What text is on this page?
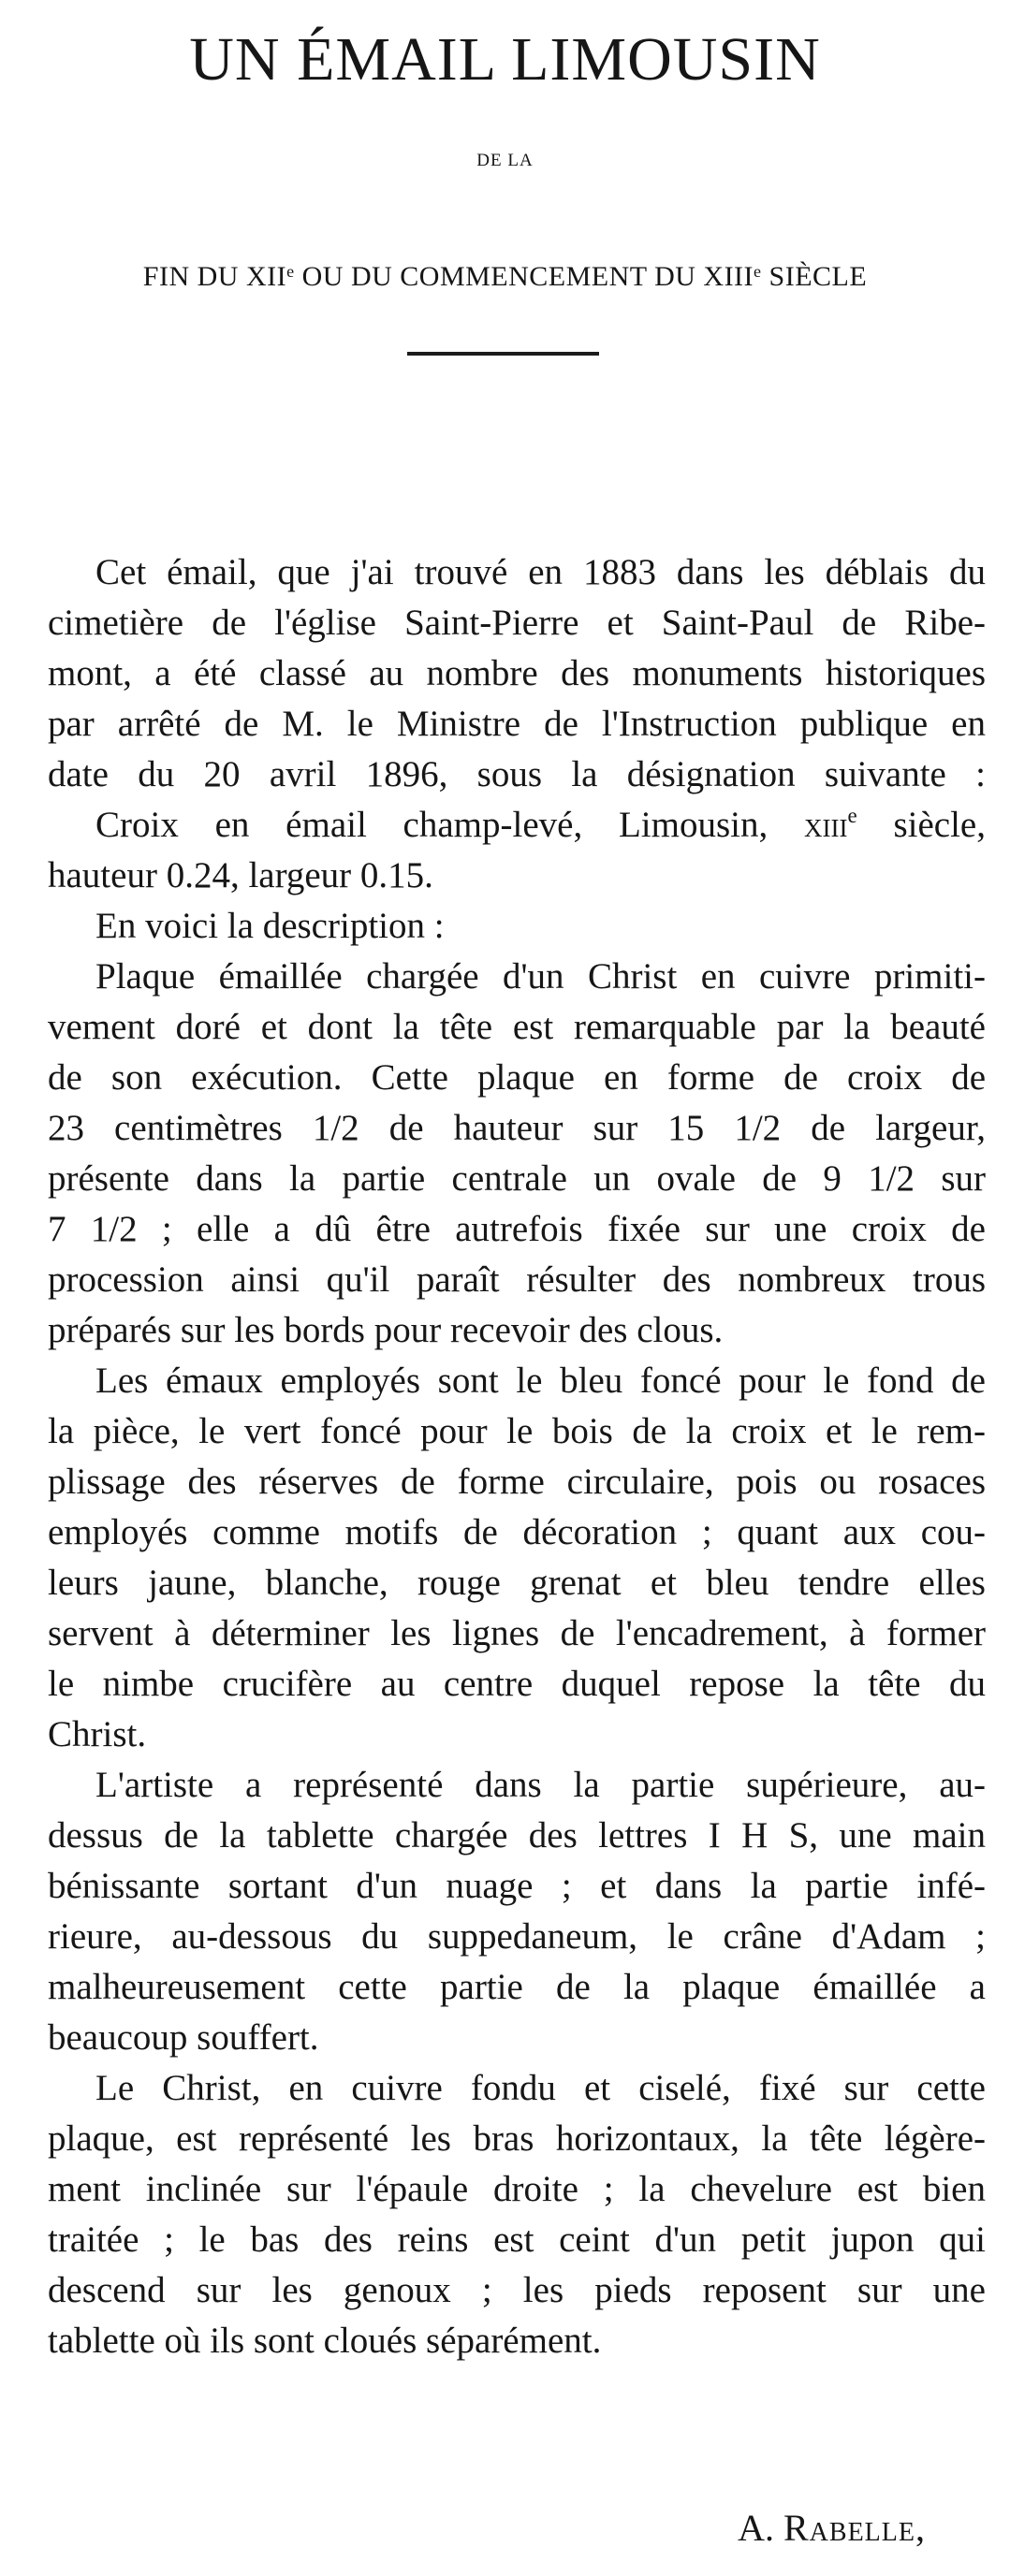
UN ÉMAIL LIMOUSIN
DE LA
FIN DU XIIe OU DU COMMENCEMENT DU XIIIe SIÈCLE
Cet émail, que j'ai trouvé en 1883 dans les déblais du
cimetière de l'église Saint-Pierre et Saint-Paul de Ribe-
mont, a été classé au nombre des monuments historiques
par arrêté de M. le Ministre de l'Instruction publique en
date du 20 avril 1896, sous la désignation suivante :
Croix en émail champ-levé, Limousin, xiii$^e$ siècle,
hauteur 0.24, largeur 0.15.
En voici la description :
Plaque émaillée chargée d'un Christ en cuivre primiti-
vement doré et dont la tête est remarquable par la beauté
de son exécution. Cette plaque en forme de croix de
23 centimètres 1/2 de hauteur sur 15 1/2 de largeur,
présente dans la partie centrale un ovale de 9 1/2 sur
7 1/2 ; elle a dû être autrefois fixée sur une croix de
procession ainsi qu'il paraît résulter des nombreux trous
préparés sur les bords pour recevoir des clous.
Les émaux employés sont le bleu foncé pour le fond de
la pièce, le vert foncé pour le bois de la croix et le rem-
plissage des réserves de forme circulaire, pois ou rosaces
employés comme motifs de décoration ; quant aux cou-
leurs jaune, blanche, rouge grenat et bleu tendre elles
servent à déterminer les lignes de l'encadrement, à former
le nimbe crucifère au centre duquel repose la tête du
Christ.
L'artiste a représenté dans la partie supérieure, au-
dessus de la tablette chargée des lettres I H S, une main
bénissante sortant d'un nuage ; et dans la partie infé-
rieure, au-dessous du suppedaneum, le crâne d'Adam ;
malheureusement cette partie de la plaque émaillée a
beaucoup souffert.
Le Christ, en cuivre fondu et ciselé, fixé sur cette
plaque, est représenté les bras horizontaux, la tête légère-
ment inclinée sur l'épaule droite ; la chevelure est bien
traitée ; le bas des reins est ceint d'un petit jupon qui
descend sur les genoux ; les pieds reposent sur une
tablette où ils sont cloués séparément.
A. Rabelle,
